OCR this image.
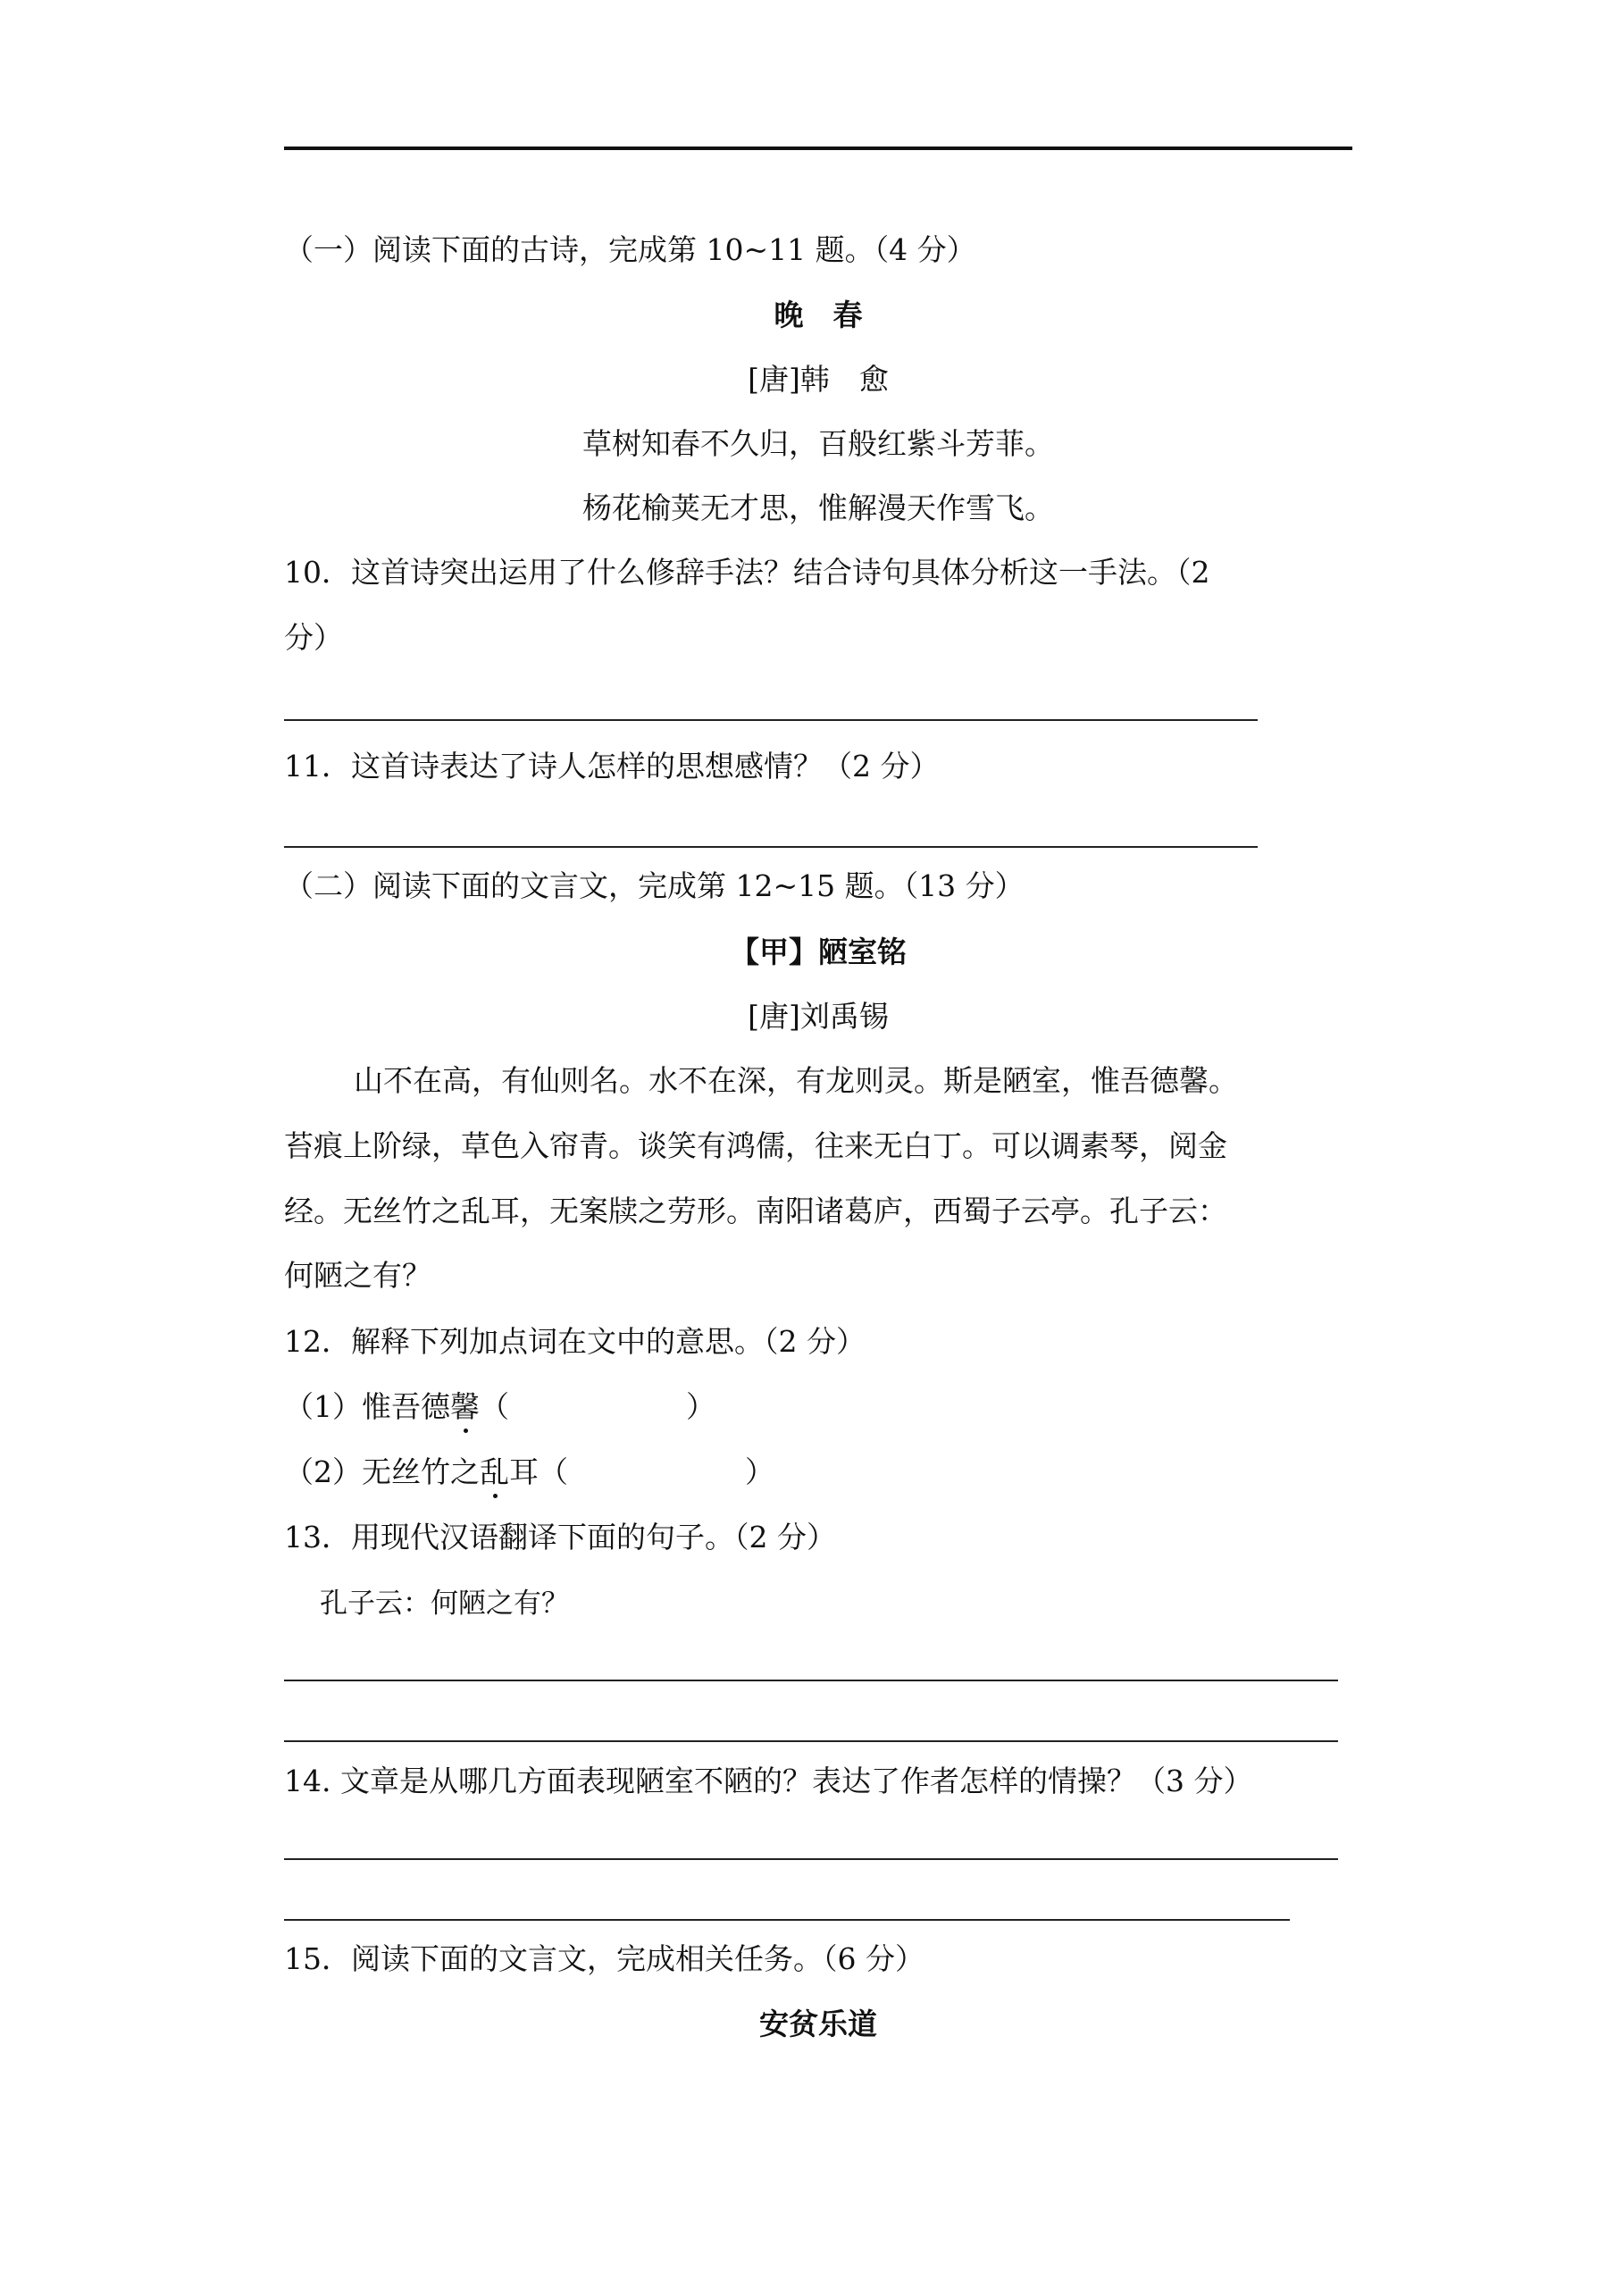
（一）阅读下面的古诗，完成第 10~11 题。（4 分）
晚　春
[唐]韩　愈
草树知春不久归，百般红紫斗芳菲。
杨花榆荚无才思，惟解漫天作雪飞。
10．这首诗突出运用了什么修辞手法？结合诗句具体分析这一手法。（2
分）
11．这首诗表达了诗人怎样的思想感情？（2 分）
（二）阅读下面的文言文，完成第 12~15 题。（13 分）
【甲】陋室铭
[唐]刘禹锡
山不在高，有仙则名。水不在深，有龙则灵。斯是陋室，惟吾德馨。
苔痕上阶绿，草色入帘青。谈笑有鸿儒，往来无白丁。可以调素琴，阅金
经。无丝竹之乱耳，无案牍之劳形。南阳诸葛庐，西蜀子云亭。孔子云：
何陋之有？
12．解释下列加点词在文中的意思。（2 分）
（1）惟吾德馨（　　　　　　）
（2）无丝竹之乱耳（　　　　　　）
13．用现代汉语翻译下面的句子。（2 分）
孔子云：何陋之有？
14. 文章是从哪几方面表现陋室不陋的？表达了作者怎样的情操？（3 分）
15．阅读下面的文言文，完成相关任务。（6 分）
安贫乐道
